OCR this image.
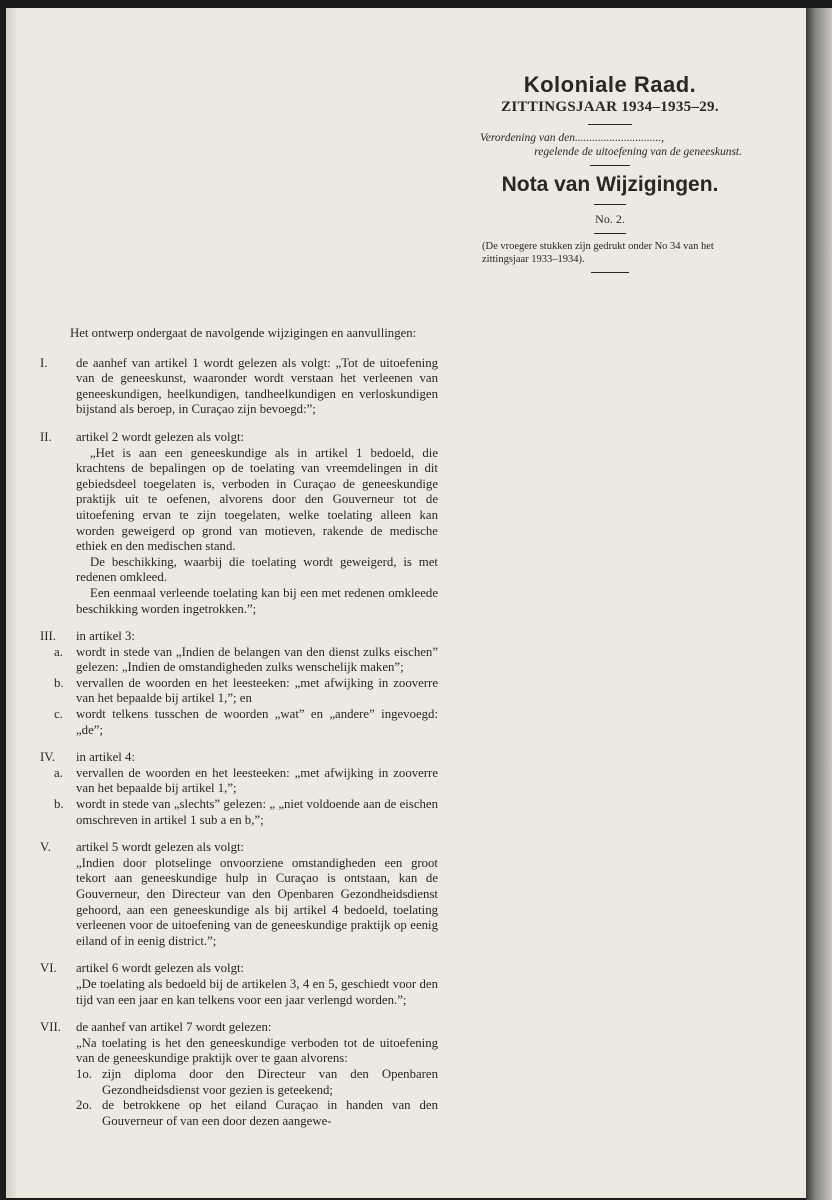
Koloniale Raad.
ZITTINGSJAAR 1934–1935–29.
Verordening van den..............................,
regelende de uitoefening van de geneeskunst.
Nota van Wijzigingen.
No. 2.
(De vroegere stukken zijn gedrukt onder No 34 van het zittingsjaar 1933–1934).

Het ontwerp ondergaat de navolgende wijzigingen en aanvullingen:

I.	de aanhef van artikel 1 wordt gelezen als volgt: „Tot de uitoefening van de geneeskunst, waaronder wordt verstaan het verleenen van geneeskundigen, heelkundigen, tandheelkundigen en verloskundigen bijstand als beroep, in Curaçao zijn bevoegd:”;

II.	artikel 2 wordt gelezen als volgt:

„Het is aan een geneeskundige als in artikel 1 bedoeld, die krachtens de bepalingen op de toelating van vreemdelingen in dit gebiedsdeel toegelaten is, verboden in Curaçao de geneeskundige praktijk uit te oefenen, alvorens door den Gouverneur tot de uitoefening ervan te zijn toegelaten, welke toelating alleen kan worden geweigerd op grond van motieven, rakende de medische ethiek en den medischen stand.

De beschikking, waarbij die toelating wordt geweigerd, is met redenen omkleed.

Een eenmaal verleende toelating kan bij een met redenen omkleede beschikking worden ingetrokken.”;

III.	in artikel 3:

a. wordt in stede van „Indien de belangen van den dienst zulks eischen” gelezen: „Indien de omstandigheden zulks wenschelijk maken”;
b. vervallen de woorden en het leesteeken: „met afwijking in zooverre van het bepaalde bij artikel 1,”; en
c. wordt telkens tusschen de woorden „wat” en „andere” ingevoegd: „de”;
IV.	in artikel 4:

a. vervallen de woorden en het leesteeken: „met afwijking in zooverre van het bepaalde bij artikel 1,”;
b. wordt in stede van „slechts” gelezen: „ „niet voldoende aan de eischen omschreven in artikel 1 sub a en b,”;
V.	artikel 5 wordt gelezen als volgt:

„Indien door plotselinge onvoorziene omstandigheden een groot tekort aan geneeskundige hulp in Curaçao is ontstaan, kan de Gouverneur, den Directeur van den Openbaren Gezondheidsdienst gehoord, aan een geneeskundige als bij artikel 4 bedoeld, toelating verleenen voor de uitoefening van de geneeskundige praktijk op eenig eiland of in eenig district.”;

VI.	artikel 6 wordt gelezen als volgt:

„De toelating als bedoeld bij de artikelen 3, 4 en 5, geschiedt voor den tijd van een jaar en kan telkens voor een jaar verlengd worden.”;

VII.	de aanhef van artikel 7 wordt gelezen:

„Na toelating is het den geneeskundige verboden tot de uitoefening van de geneeskundige praktijk over te gaan alvorens:

1o. zijn diploma door den Directeur van den Openbaren Gezondheidsdienst voor gezien is geteekend;
2o. de betrokkene op het eiland Curaçao in handen van den Gouverneur of van een door dezen aangewe-
